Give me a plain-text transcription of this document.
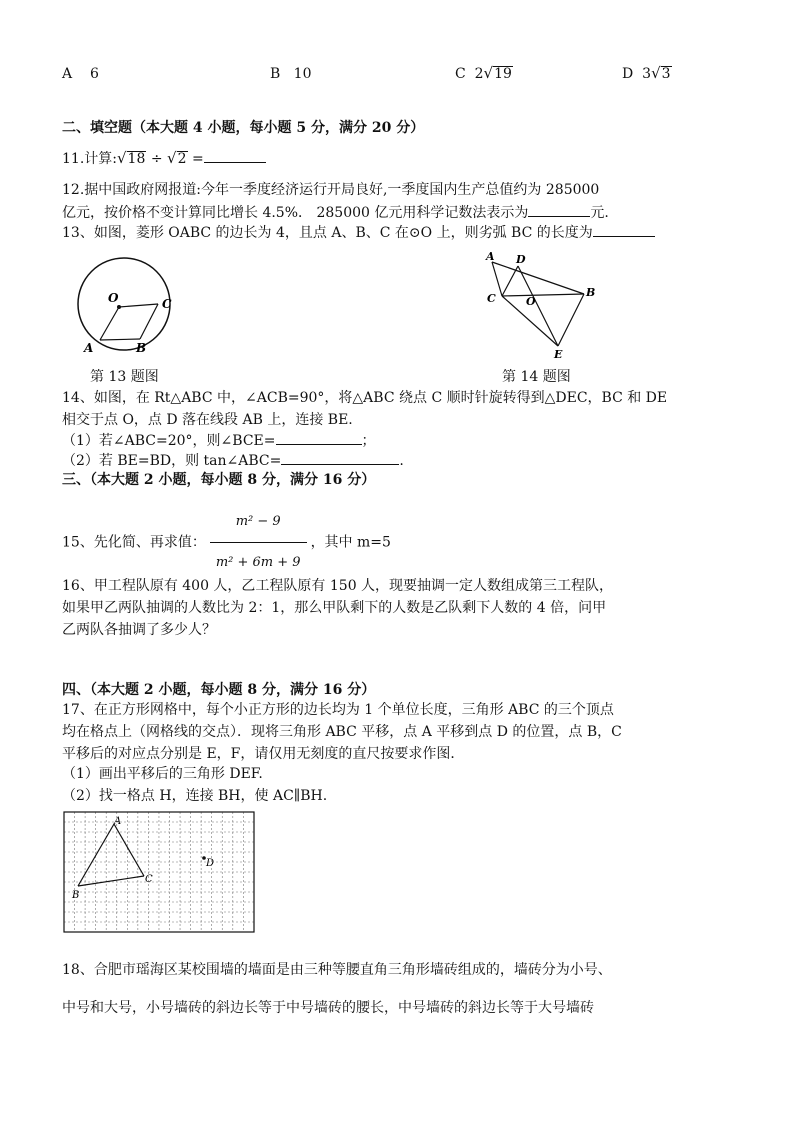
A 6	B 10	C 2√19	D 3√3
二、填空题（本大题 4 小题，每小题 5 分，满分 20 分）
11.计算:√18 ÷ √2 =
12.据中国政府网报道:今年一季度经济运行开局良好,一季度国内生产总值约为 285000
亿元，按价格不变计算同比增长 4.5%． 285000 亿元用科学记数法表示为	元.
13、如图，菱形 OABC 的边长为 4，且点 A、B、C 在⊙O 上，则劣弧 BC 的长度为
O	C
A	B
第 13 题图
A D
C	O
B
E
第 14 题图
14、如图，在 Rt△ABC 中，∠ACB=90°，将△ABC 绕点 C 顺时针旋转得到△DEC，BC 和 DE
相交于点 O，点 D 落在线段 AB 上，连接 BE.
（1）若∠ABC=20°，则∠BCE=	；
（2）若 BE=BD，则 tan∠ABC=	.
三、（本大题 2 小题，每小题 8 分，满分 16 分）
15、先化简、再求值： $\frac{\text{m² − 9}}{\text{m² + 6m + 9}}$ ，其中 m=5
16、甲工程队原有 400 人，乙工程队原有 150 人，现要抽调一定人数组成第三工程队，
如果甲乙两队抽调的人数比为 2：1，那么甲队剩下的人数是乙队剩下人数的 4 倍，问甲
乙两队各抽调了多少人？
四、（本大题 2 小题，每小题 8 分，满分 16 分）
17、在正方形网格中，每个小正方形的边长均为 1 个单位长度，三角形 ABC 的三个顶点
均在格点上（网格线的交点）．现将三角形 ABC 平移，点 A 平移到点 D 的位置，点 B，C
平移后的对应点分别是 E，F，请仅用无刻度的直尺按要求作图．
（1）画出平移后的三角形 DEF.
（2）找一格点 H，连接 BH，使 AC∥BH.
A
B
C
D
18、合肥市瑶海区某校围墙的墙面是由三种等腰直角三角形墙砖组成的，墙砖分为小号、
中号和大号，小号墙砖的斜边长等于中号墙砖的腰长，中号墙砖的斜边长等于大号墙砖
